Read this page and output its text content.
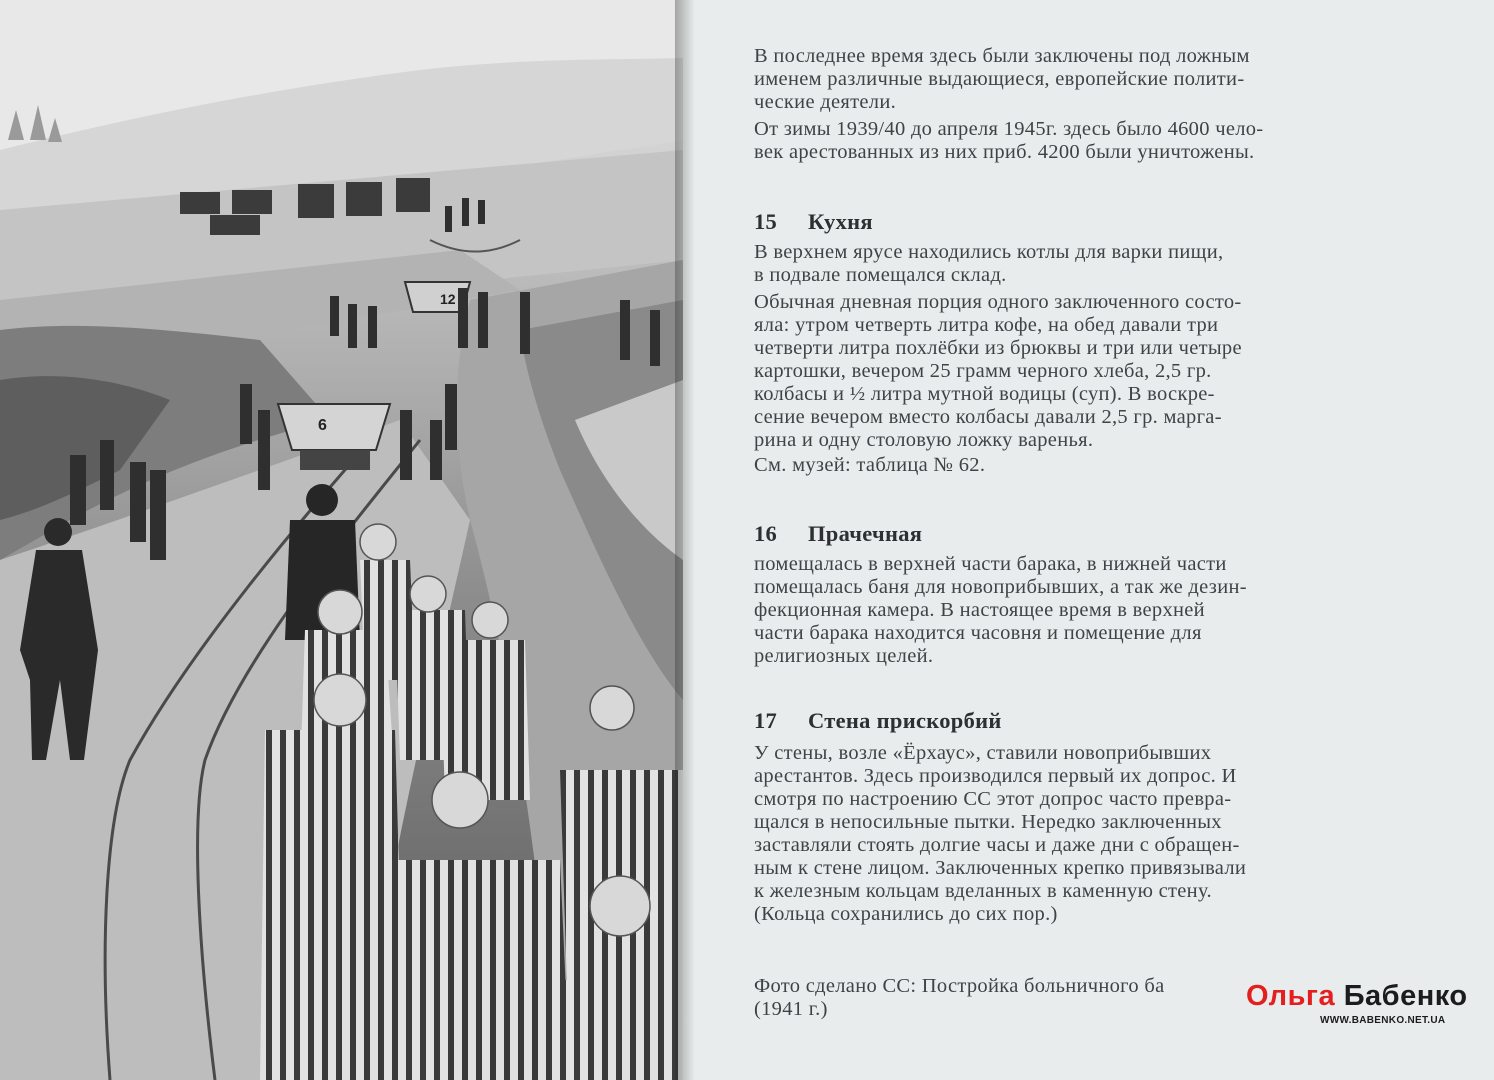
12
6

В последнее время здесь были заключены под ложным
именем различные выдающиеся, европейские полити-
ческие деятели.

От зимы 1939/40 до апреля 1945г. здесь было 4600 чело-
век арестованных из них приб. 4200 были уничтожены.

15 Кухня

В верхнем ярусе находились котлы для варки пищи,
в подвале помещался склад.

Обычная дневная порция одного заключенного состо-
яла: утром четверть литра кофе, на обед давали три
четверти литра похлёбки из брюквы и три или четыре
картошки, вечером 25 грамм черного хлеба, 2,5 гр.
колбасы и ½ литра мутной водицы (суп). В воскре-
сение вечером вместо колбасы давали 2,5 гр. марга-
рина и одну столовую ложку варенья.

См. музей: таблица № 62.

16 Прачечная

помещалась в верхней части барака, в нижней части
помещалась баня для новоприбывших, а так же дезин-
фекционная камера. В настоящее время в верхней
части барака находится часовня и помещение для
религиозных целей.

17 Стена прискорбий

У стены, возле «Ёрхаус», ставили новоприбывших
арестантов. Здесь производился первый их допрос. И
смотря по настроению СС этот допрос часто превра-
щался в непосильные пытки. Нередко заключенных
заставляли стоять долгие часы и даже дни с обращен-
ным к стене лицом. Заключенных крепко привязывали
к железным кольцам вделанных в каменную стену.
(Кольца сохранились до сих пор.)

Фото сделано СС: Постройка больничного ба
(1941 г.)	Ольга Бабенко
WWW.BABENKO.NET.UA
